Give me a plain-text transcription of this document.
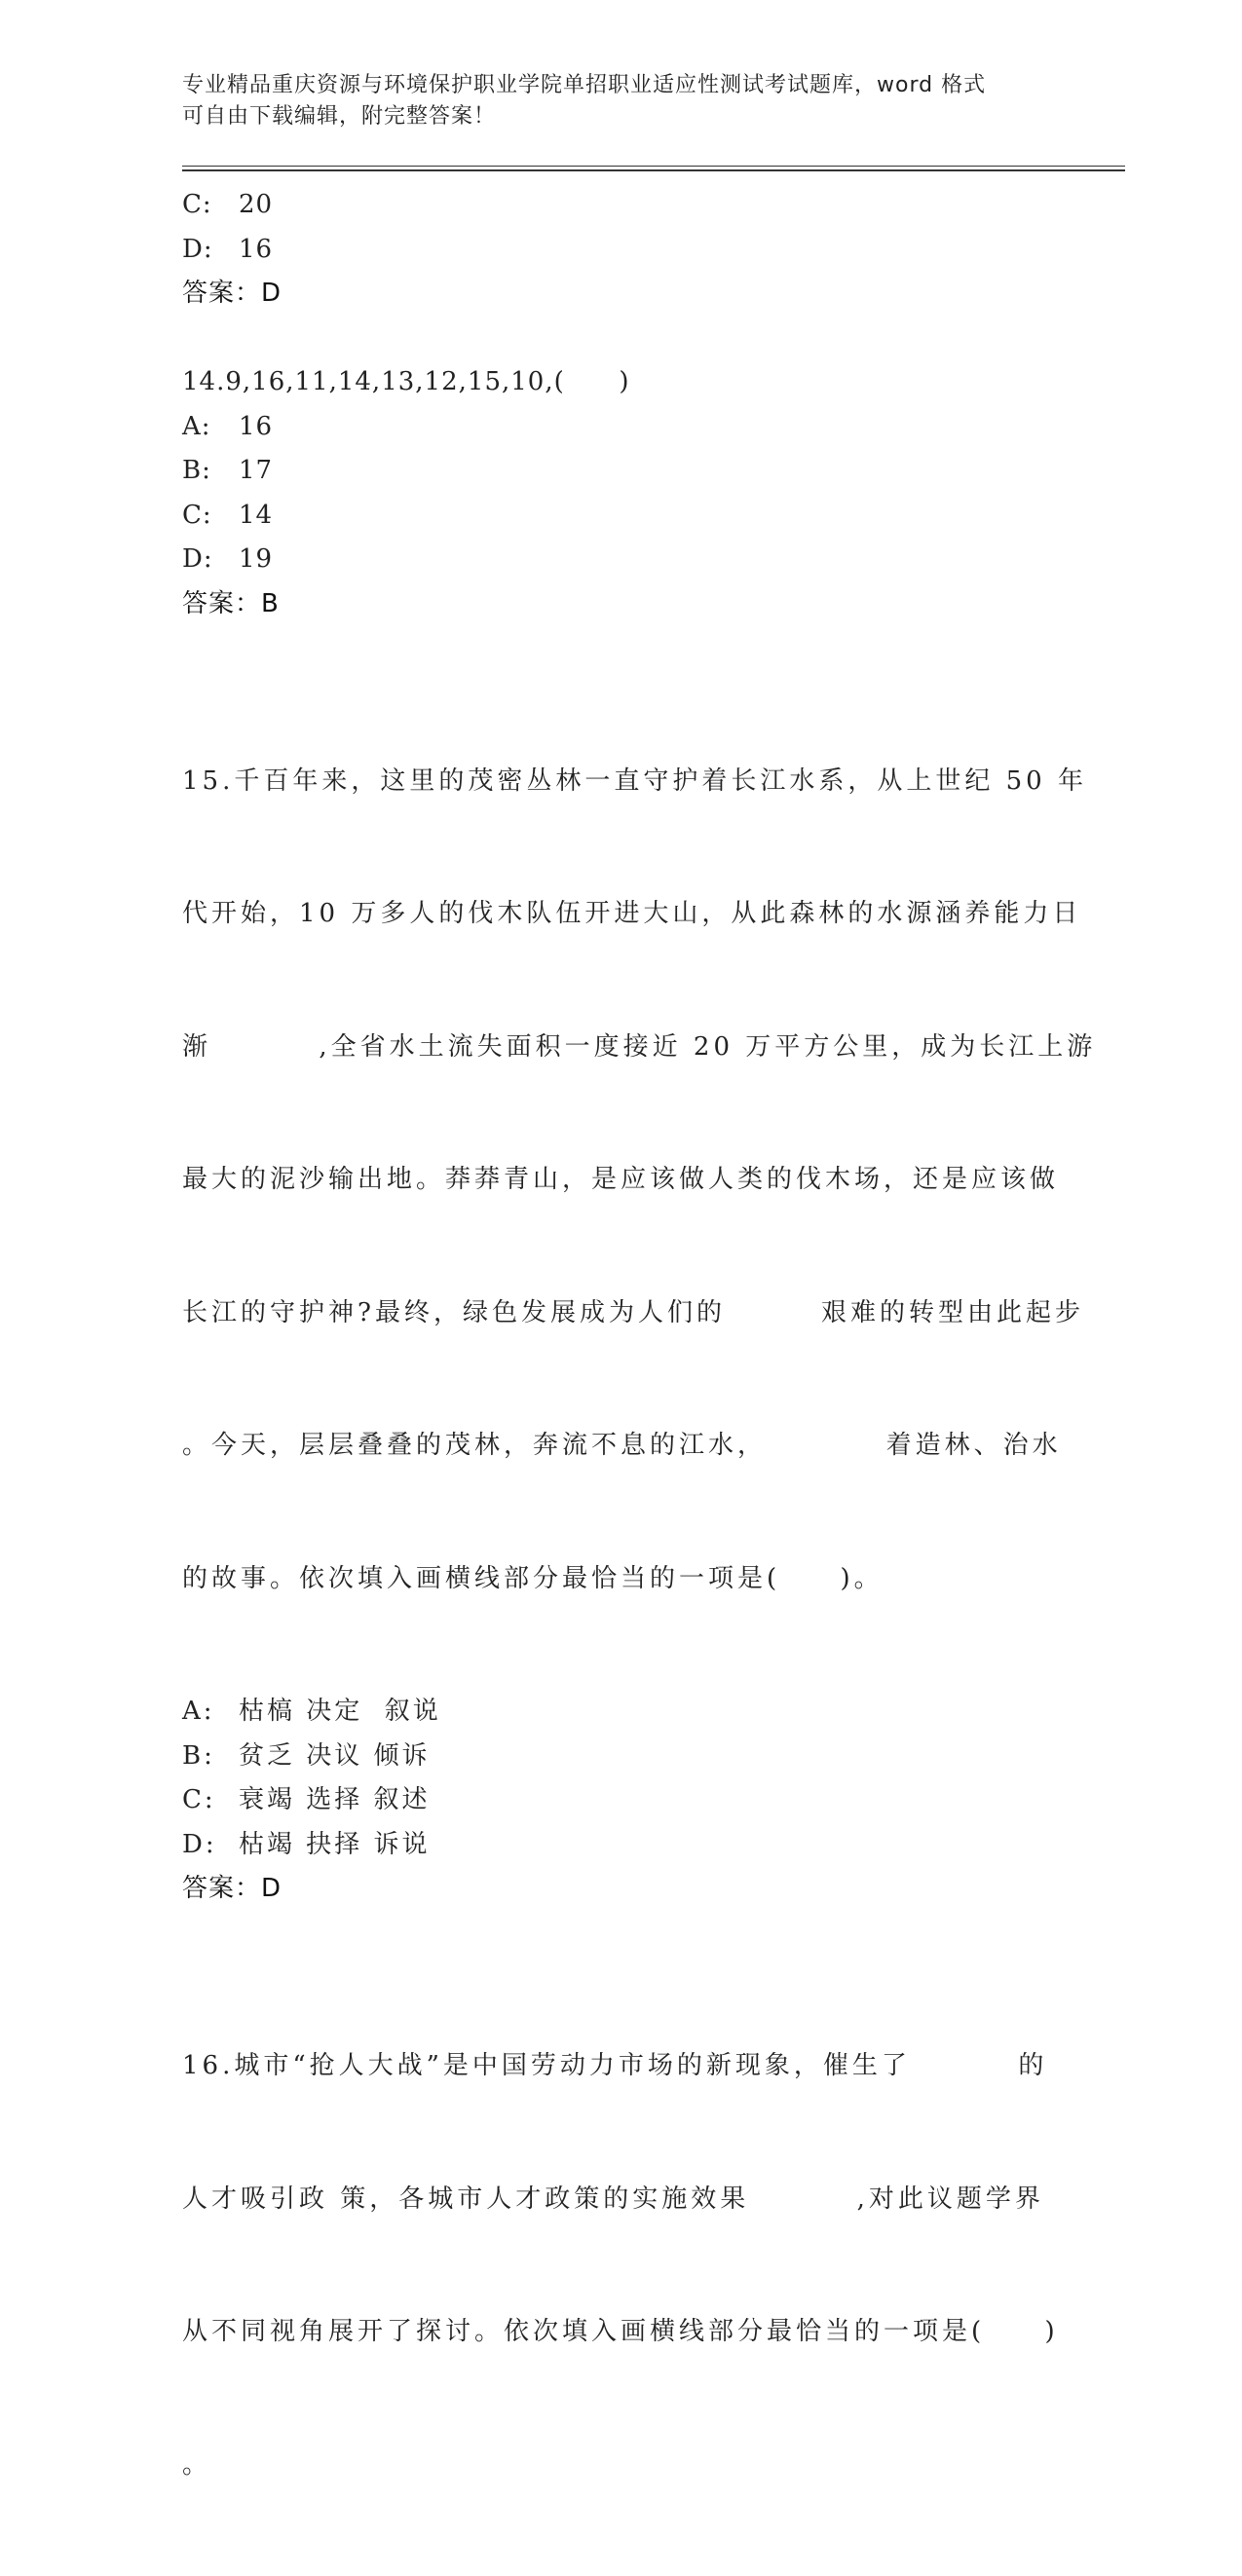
专业精品重庆资源与环境保护职业学院单招职业适应性测试考试题库，word 格式
可自由下载编辑，附完整答案！
C: 20
D: 16
答案：D
14.9,16,11,14,13,12,15,10,(      )
A: 16
B: 17
C: 14
D: 19
答案：B

15.千百年来，这里的茂密丛林一直守护着长江水系，从上世纪 50 年

代开始，10 万多人的伐木队伍开进大山，从此森林的水源涵养能力日

渐         ,全省水土流失面积一度接近 20 万平方公里，成为长江上游

最大的泥沙输出地。莽莽青山，是应该做人类的伐木场，还是应该做

长江的守护神?最终，绿色发展成为人们的        艰难的转型由此起步

。今天，层层叠叠的茂林，奔流不息的江水，          着造林、治水

的故事。依次填入画横线部分最恰当的一项是(     )。

A: 枯槁 决定  叙说
B: 贫乏 决议 倾诉
C: 衰竭 选择 叙述
D: 枯竭 抉择 诉说
答案：D

16.城市“抢人大战”是中国劳动力市场的新现象，催生了         的

人才吸引政 策，各城市人才政策的实施效果         ,对此议题学界

从不同视角展开了探讨。依次填入画横线部分最恰当的一项是(     )

。
